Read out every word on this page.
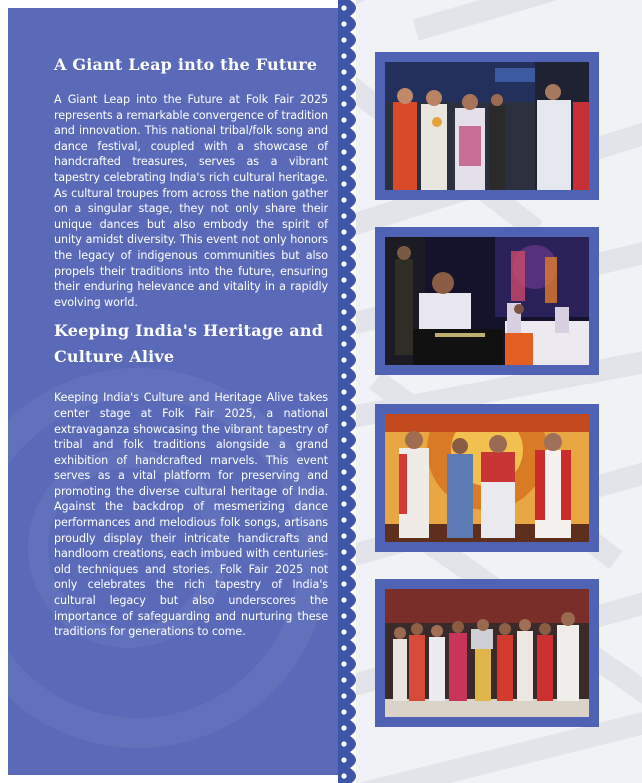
A Giant Leap into the Future

A Giant Leap into the Future at Folk Fair 2025 represents a remarkable convergence of tradition and innovation. This national tribal/folk song and dance festival, coupled with a showcase of handcrafted treasures, serves as a vibrant tapestry celebrating India's rich cultural heritage. As cultural troupes from across the nation gather on a singular stage, they not only share their unique dances but also embody the spirit of unity amidst diversity. This event not only honors the legacy of indigenous communities but also propels their traditions into the future, ensuring their enduring helevance and vitality in a rapidly evolving world.

Keeping India's Heritage and Culture Alive

Keeping India's Culture and Heritage Alive takes center stage at Folk Fair 2025, a national extravaganza showcasing the vibrant tapestry of tribal and folk traditions alongside a grand exhibition of handcrafted marvels. This event serves as a vital platform for preserving and promoting the diverse cultural heritage of India. Against the backdrop of mesmerizing dance performances and melodious folk songs, artisans proudly display their intricate handicrafts and handloom creations, each imbued with centuries-old techniques and stories. Folk Fair 2025 not only celebrates the rich tapestry of India's cultural legacy but also underscores the importance of safeguarding and nurturing these traditions for generations to come.
